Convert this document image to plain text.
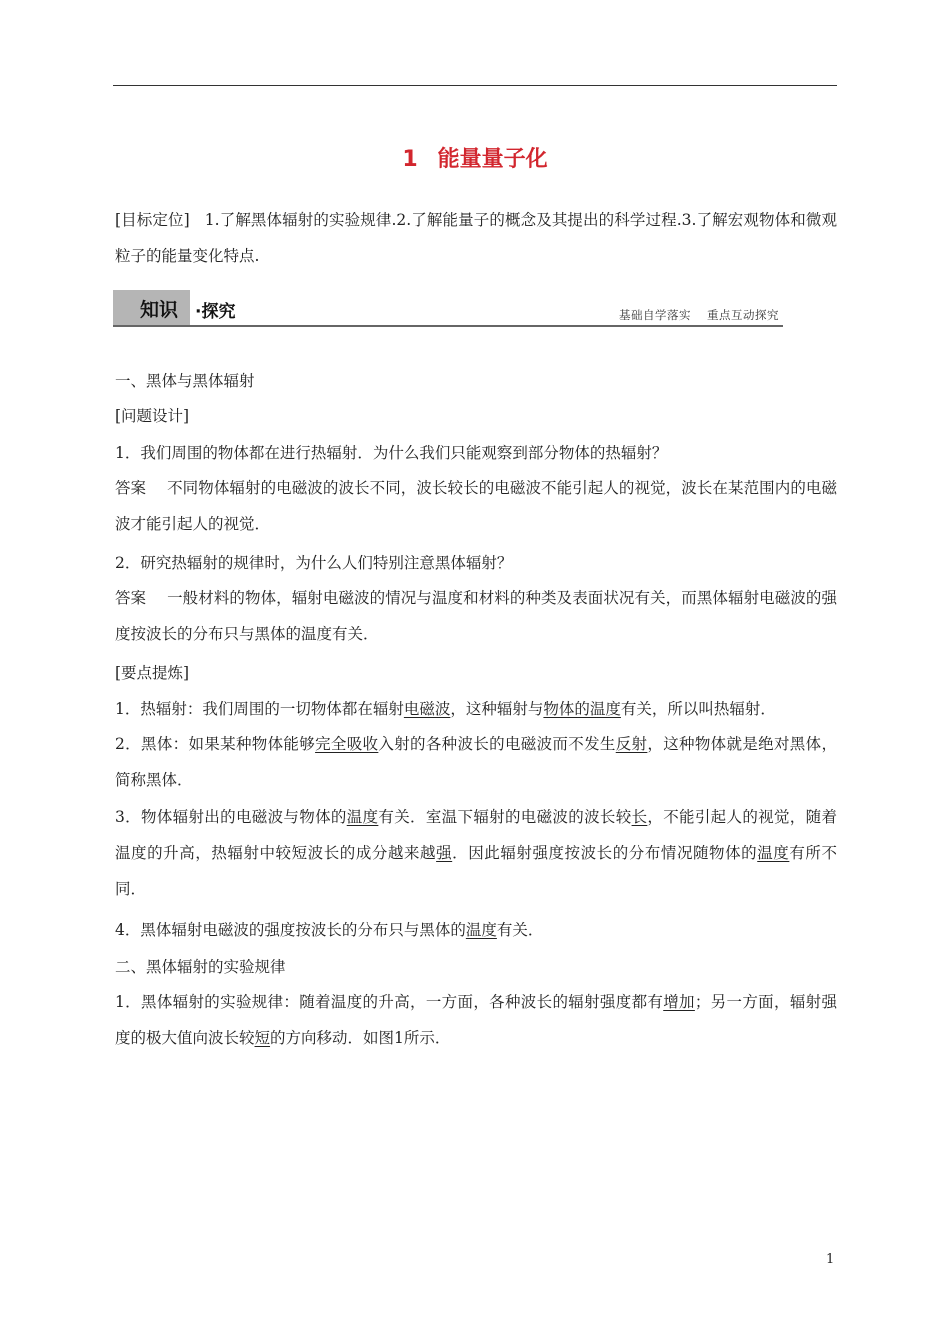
1 能量量子化
[目标定位] 1.了解黑体辐射的实验规律.2.了解能量子的概念及其提出的科学过程.3.了解宏观物体和微观粒子的能量变化特点.
知识 ·探究	基础自学落实 重点互动探究
一、黑体与黑体辐射
[问题设计]
1．我们周围的物体都在进行热辐射．为什么我们只能观察到部分物体的热辐射？
答案 不同物体辐射的电磁波的波长不同，波长较长的电磁波不能引起人的视觉，波长在某范围内的电磁波才能引起人的视觉．
2．研究热辐射的规律时，为什么人们特别注意黑体辐射？
答案 一般材料的物体，辐射电磁波的情况与温度和材料的种类及表面状况有关，而黑体辐射电磁波的强度按波长的分布只与黑体的温度有关．
[要点提炼]
1．热辐射：我们周围的一切物体都在辐射电磁波，这种辐射与物体的温度有关，所以叫热辐射．
2．黑体：如果某种物体能够完全吸收入射的各种波长的电磁波而不发生反射，这种物体就是绝对黑体，简称黑体．
3．物体辐射出的电磁波与物体的温度有关．室温下辐射的电磁波的波长较长，不能引起人的视觉，随着温度的升高，热辐射中较短波长的成分越来越强．因此辐射强度按波长的分布情况随物体的温度有所不同．
4．黑体辐射电磁波的强度按波长的分布只与黑体的温度有关．
二、黑体辐射的实验规律
1．黑体辐射的实验规律：随着温度的升高，一方面，各种波长的辐射强度都有增加；另一方面，辐射强度的极大值向波长较短的方向移动．如图1所示．
1
